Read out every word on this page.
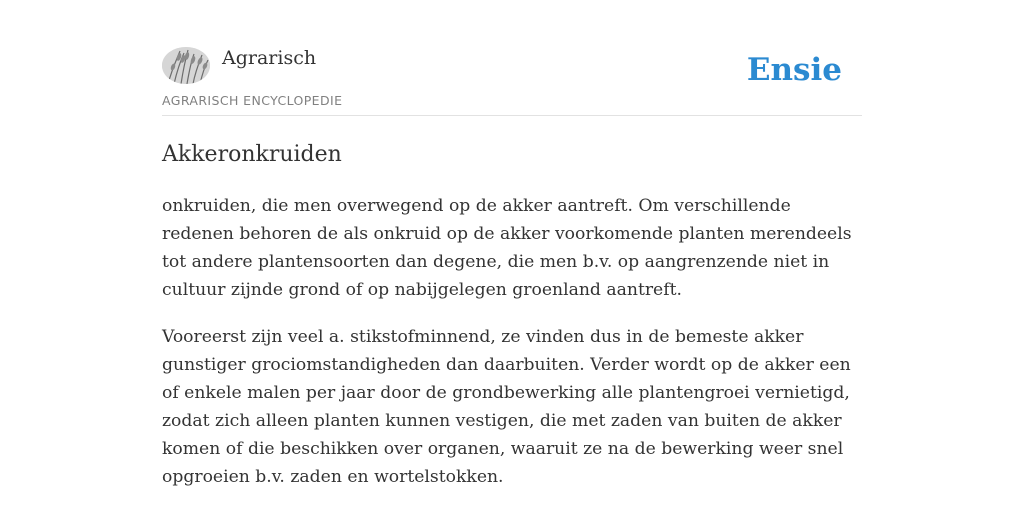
Agrarisch	Ensie
AGRARISCH ENCYCLOPEDIE
Akkeronkruiden

onkruiden, die men overwegend op de akker aantreft. Om verschillende redenen behoren de als onkruid op de akker voorkomende planten merendeels tot andere plantensoorten dan degene, die men b.v. op aangrenzende niet in cultuur zijnde grond of op nabijgelegen groenland aantreft.

Vooreerst zijn veel a. stikstofminnend, ze vinden dus in de bemeste akker gunstiger grociomstandigheden dan daarbuiten. Verder wordt op de akker een of enkele malen per jaar door de grondbewerking alle plantengroei vernietigd, zodat zich alleen planten kunnen vestigen, die met zaden van buiten de akker komen of die beschikken over organen, waaruit ze na de bewerking weer snel opgroeien b.v. zaden en wortelstokken.
